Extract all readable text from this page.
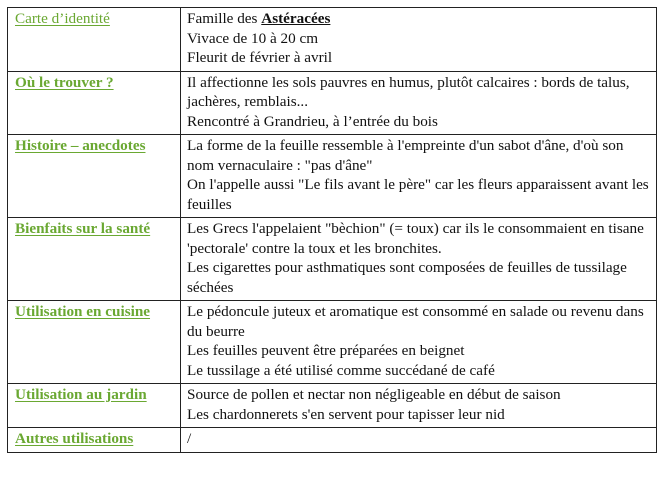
Carte d’identité	Famille des Astéracées
Vivace de 10 à 20 cm
Fleurit de février à avril

Où le trouver ?	Il affectionne les sols pauvres en humus, plutôt calcaires : bords de talus, jachères, remblais...
Rencontré à Grandrieu, à l’entrée du bois

Histoire – anecdotes	La forme de la feuille ressemble à l'empreinte d'un sabot d'âne, d'où son nom vernaculaire : "pas d'âne"
On l'appelle aussi "Le fils avant le père" car les fleurs apparaissent avant les feuilles

Bienfaits sur la santé	Les Grecs l'appelaient "bèchion" (= toux) car ils le consommaient en tisane 'pectorale' contre la toux et les bronchites.
Les cigarettes pour asthmatiques sont composées de feuilles de tussilage séchées

Utilisation en cuisine	Le pédoncule juteux et aromatique est consommé en salade ou revenu dans du beurre
Les feuilles peuvent être préparées en beignet
Le tussilage a été utilisé comme succédané de café

Utilisation au jardin	Source de pollen et nectar non négligeable en début de saison
Les chardonnerets s'en servent pour tapisser leur nid

Autres utilisations	/
